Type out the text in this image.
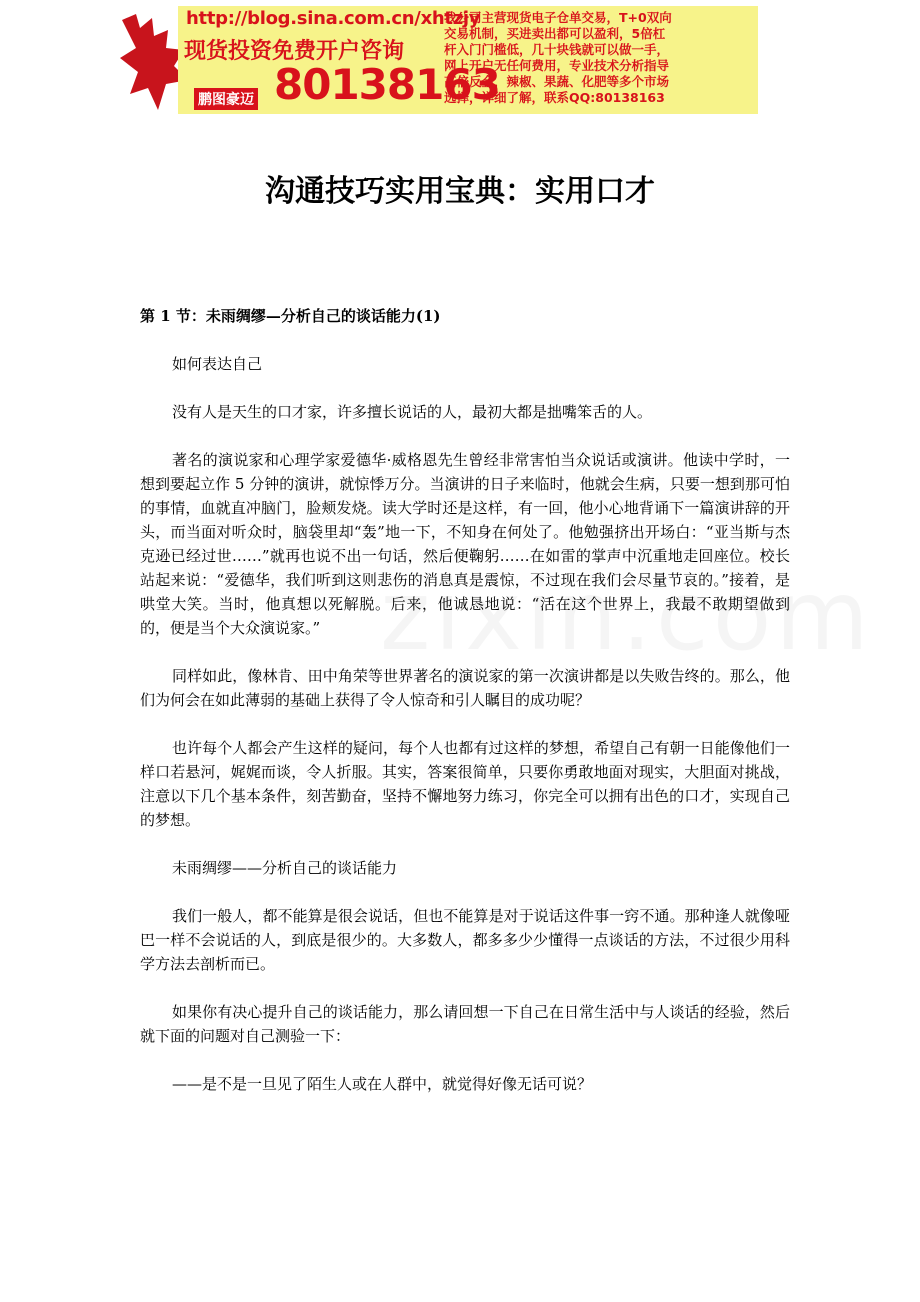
http://blog.sina.com.cn/xhtzjy
现货投资免费开户咨询
鹏图豪迈 80138163
我公司主营现货电子仓单交易，T+0双向
交易机制，买进卖出都可以盈利，5倍杠
杆入门门槛低，几十块钱就可以做一手，
网上开户无任何费用，专业技术分析指导
高倍反金，辣椒、果蔬、化肥等多个市场
选择，详细了解，联系QQ:80138163
沟通技巧实用宝典：实用口才

第 1 节：未雨绸缪—分析自己的谈话能力(1)

如何表达自己

没有人是天生的口才家，许多擅长说话的人，最初大都是拙嘴笨舌的人。

著名的演说家和心理学家爱德华·威格恩先生曾经非常害怕当众说话或演讲。他读中学时，一想到要起立作 5 分钟的演讲，就惊悸万分。当演讲的日子来临时，他就会生病，只要一想到那可怕的事情，血就直冲脑门，脸颊发烧。读大学时还是这样，有一回，他小心地背诵下一篇演讲辞的开头，而当面对听众时，脑袋里却“轰”地一下，不知身在何处了。他勉强挤出开场白：“亚当斯与杰克逊已经过世……”就再也说不出一句话，然后便鞠躬……在如雷的掌声中沉重地走回座位。校长站起来说：“爱德华，我们听到这则悲伤的消息真是震惊，不过现在我们会尽量节哀的。”接着，是哄堂大笑。当时，他真想以死解脱。后来，他诚恳地说：“活在这个世界上，我最不敢期望做到的，便是当个大众演说家。”

同样如此，像林肯、田中角荣等世界著名的演说家的第一次演讲都是以失败告终的。那么，他们为何会在如此薄弱的基础上获得了令人惊奇和引人瞩目的成功呢？

也许每个人都会产生这样的疑问，每个人也都有过这样的梦想，希望自己有朝一日能像他们一样口若悬河，娓娓而谈，令人折服。其实，答案很简单，只要你勇敢地面对现实，大胆面对挑战，注意以下几个基本条件，刻苦勤奋，坚持不懈地努力练习，你完全可以拥有出色的口才，实现自己的梦想。

未雨绸缪——分析自己的谈话能力

我们一般人，都不能算是很会说话，但也不能算是对于说话这件事一窍不通。那种逢人就像哑巴一样不会说话的人，到底是很少的。大多数人，都多多少少懂得一点谈话的方法，不过很少用科学方法去剖析而已。

如果你有决心提升自己的谈话能力，那么请回想一下自己在日常生活中与人谈话的经验，然后就下面的问题对自己测验一下：

——是不是一旦见了陌生人或在人群中，就觉得好像无话可说？
